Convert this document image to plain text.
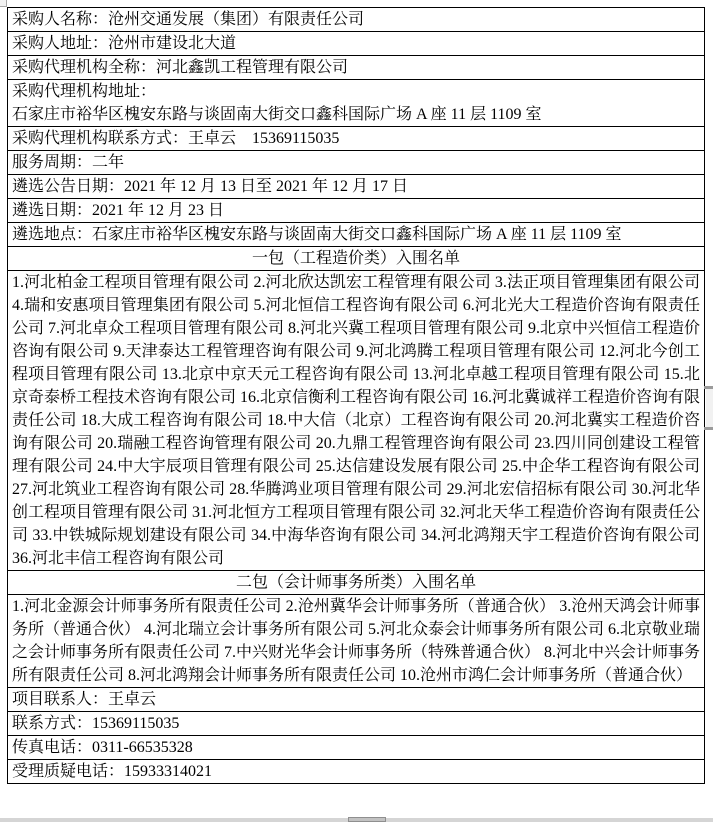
采购人名称：沧州交通发展（集团）有限责任公司
采购人地址：沧州市建设北大道
采购代理机构全称：河北鑫凯工程管理有限公司

采购代理机构地址：
石家庄市裕华区槐安东路与谈固南大街交口鑫科国际广场 A 座 11 层 1109 室

采购代理机构联系方式：王卓云    15369115035
服务周期：二年
遴选公告日期：2021 年 12 月 13 日至 2021 年 12 月 17 日
遴选日期：2021 年 12 月 23 日
遴选地点：石家庄市裕华区槐安东路与谈固南大街交口鑫科国际广场 A 座 11 层 1109 室
一包（工程造价类）入围名单
1.河北柏金工程项目管理有限公司 2.河北欣达凯宏工程管理有限公司 3.法正项目管理集团有限公司 4.瑞和安惠项目管理集团有限公司 5.河北恒信工程咨询有限公司 6.河北光大工程造价咨询有限责任公司 7.河北卓众工程项目管理有限公司 8.河北兴冀工程项目管理有限公司 9.北京中兴恒信工程造价咨询有限公司 9.天津泰达工程管理咨询有限公司 9.河北鸿腾工程项目管理有限公司 12.河北今创工程项目管理有限公司 13.北京中京天元工程咨询有限公司 13.河北卓越工程项目管理有限公司 15.北京奇泰桥工程技术咨询有限公司 16.北京信衡利工程咨询有限公司 16.河北冀诚祥工程造价咨询有限责任公司 18.大成工程咨询有限公司 18.中大信（北京）工程咨询有限公司 20.河北冀实工程造价咨询有限公司 20.瑞融工程咨询管理有限公司 20.九鼎工程管理咨询有限公司 23.四川同创建设工程管理有限公司 24.中大宇辰项目管理有限公司 25.达信建设发展有限公司 25.中企华工程咨询有限公司 27.河北筑业工程咨询有限公司 28.华腾鸿业项目管理有限公司 29.河北宏信招标有限公司 30.河北华创工程项目管理有限公司 31.河北恒方工程项目管理有限公司 32.河北天华工程造价咨询有限责任公司 33.中铁城际规划建设有限公司 34.中海华咨询有限公司 34.河北鸿翔天宇工程造价咨询有限公司 36.河北丰信工程咨询有限公司
二包（会计师事务所类）入围名单
1.河北金源会计师事务所有限责任公司 2.沧州冀华会计师事务所（普通合伙） 3.沧州天鸿会计师事务所（普通合伙） 4.河北瑞立会计事务所有限公司 5.河北众泰会计师事务所有限公司 6.北京敬业瑞之会计师事务所有限责任公司 7.中兴财光华会计师事务所（特殊普通合伙） 8.河北中兴会计师事务所有限责任公司 8.河北鸿翔会计师事务所有限责任公司 10.沧州市鸿仁会计师事务所（普通合伙）
项目联系人：王卓云
联系方式：15369115035
传真电话：0311-66535328
受理质疑电话：15933314021
